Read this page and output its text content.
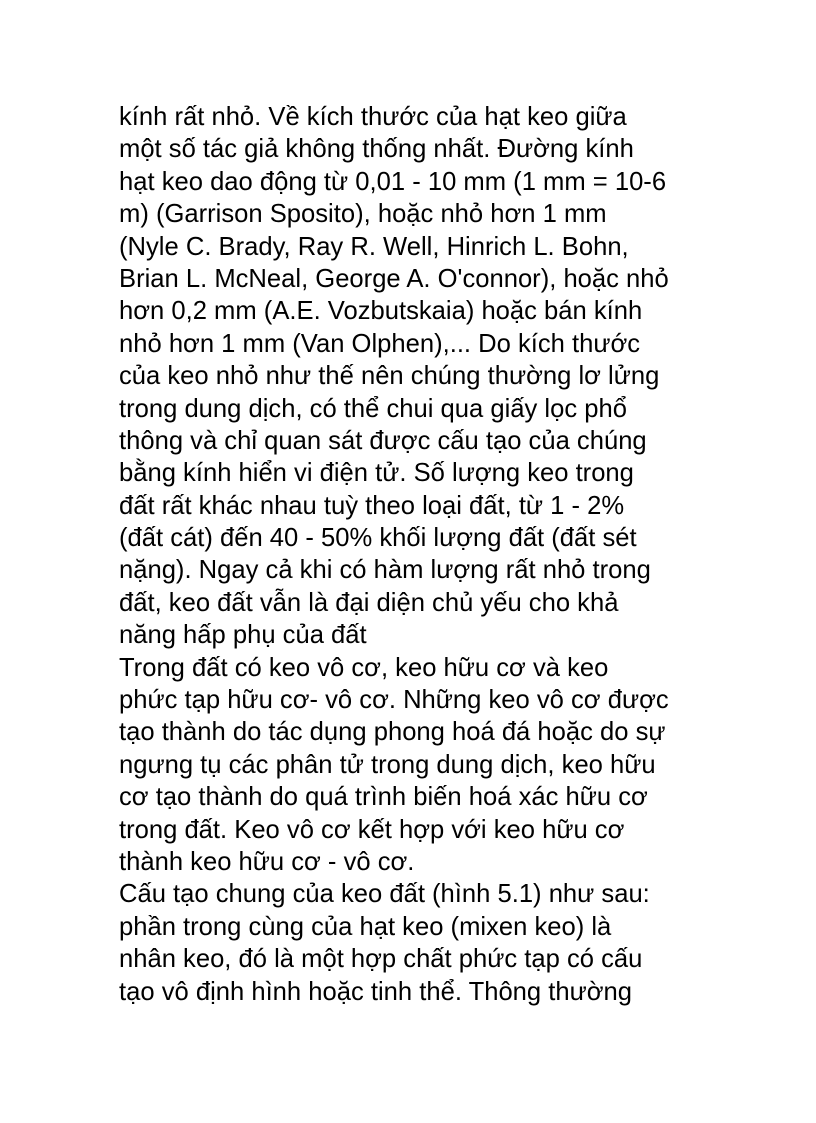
kính rất nhỏ. Về kích thước của hạt keo giữa
một số tác giả không thống nhất. Đường kính
hạt keo dao động từ 0,01 - 10 mm (1 mm = 10-6
m) (Garrison Sposito), hoặc nhỏ hơn 1 mm
(Nyle C. Brady, Ray R. Well, Hinrich L. Bohn,
Brian L. McNeal, George A. O'connor), hoặc nhỏ
hơn 0,2 mm (A.E. Vozbutskaia) hoặc bán kính
nhỏ hơn 1 mm (Van Olphen),... Do kích thước
của keo nhỏ như thế nên chúng thường lơ lửng
trong dung dịch, có thể chui qua giấy lọc phổ
thông và chỉ quan sát được cấu tạo của chúng
bằng kính hiển vi điện tử. Số lượng keo trong
đất rất khác nhau tuỳ theo loại đất, từ 1 - 2%
(đất cát) đến 40 - 50% khối lượng đất (đất sét
nặng). Ngay cả khi có hàm lượng rất nhỏ trong
đất, keo đất vẫn là đại diện chủ yếu cho khả
năng hấp phụ của đất
Trong đất có keo vô cơ, keo hữu cơ và keo
phức tạp hữu cơ- vô cơ. Những keo vô cơ được
tạo thành do tác dụng phong hoá đá hoặc do sự
ngưng tụ các phân tử trong dung dịch, keo hữu
cơ tạo thành do quá trình biến hoá xác hữu cơ
trong đất. Keo vô cơ kết hợp với keo hữu cơ
thành keo hữu cơ - vô cơ.
Cấu tạo chung của keo đất (hình 5.1) như sau:
phần trong cùng của hạt keo (mixen keo) là
nhân keo, đó là một hợp chất phức tạp có cấu
tạo vô định hình hoặc tinh thể. Thông thường
